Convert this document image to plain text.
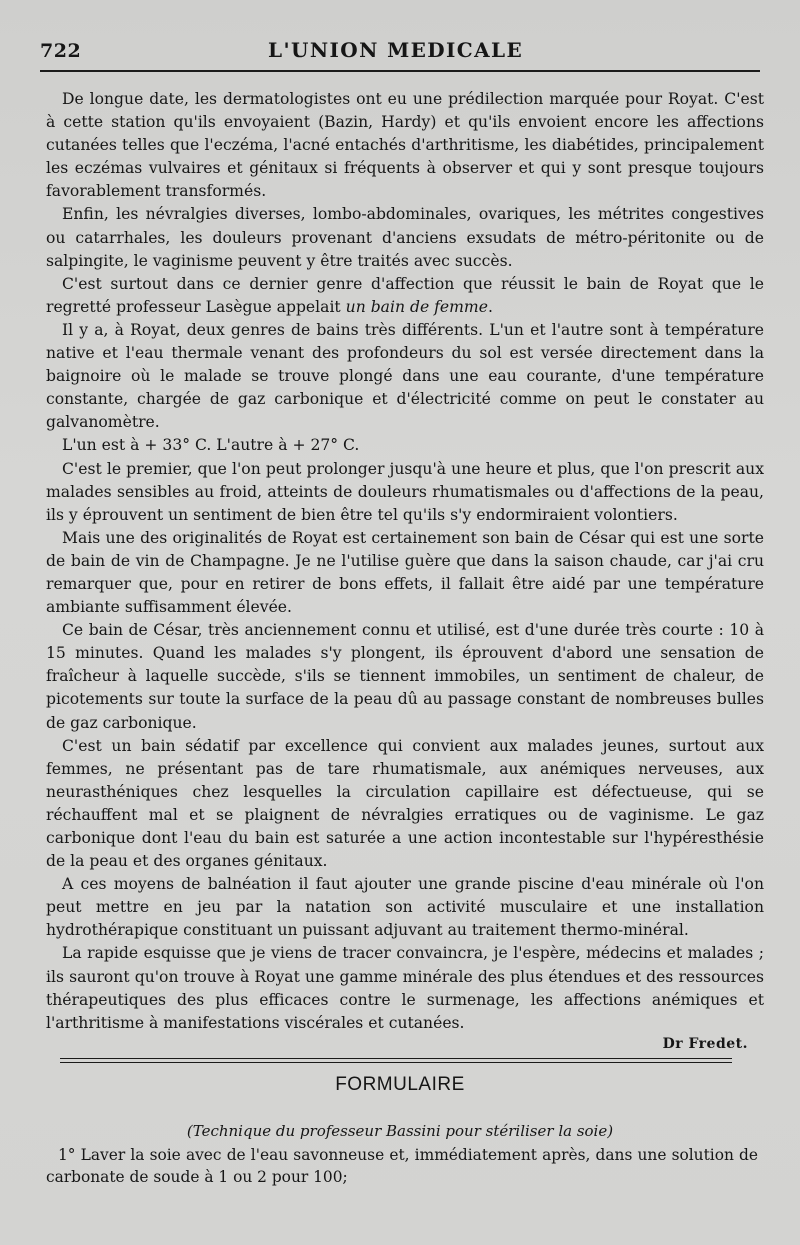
722	L'UNION MEDICALE

De longue date, les dermatologistes ont eu une prédilection marquée pour Royat. C'est à cette station qu'ils envoyaient (Bazin, Hardy) et qu'ils envoient encore les affections cutanées telles que l'eczéma, l'acné entachés d'arthritisme, les diabétides, principalement les eczémas vulvaires et génitaux si fréquents à observer et qui y sont presque toujours favorablement transformés.

Enfin, les névralgies diverses, lombo-abdominales, ovariques, les métrites congestives ou catarrhales, les douleurs provenant d'anciens exsudats de métro-péritonite ou de salpingite, le vaginisme peuvent y être traités avec succès.

C'est surtout dans ce dernier genre d'affection que réussit le bain de Royat que le regretté professeur Lasègue appelait un bain de femme.

Il y a, à Royat, deux genres de bains très différents. L'un et l'autre sont à température native et l'eau thermale venant des profondeurs du sol est versée directement dans la baignoire où le malade se trouve plongé dans une eau courante, d'une température constante, chargée de gaz carbonique et d'électricité comme on peut le constater au galvanomètre.

L'un est à + 33° C. L'autre à + 27° C.

C'est le premier, que l'on peut prolonger jusqu'à une heure et plus, que l'on prescrit aux malades sensibles au froid, atteints de douleurs rhumatismales ou d'affections de la peau, ils y éprouvent un sentiment de bien être tel qu'ils s'y endormiraient volontiers.

Mais une des originalités de Royat est certainement son bain de César qui est une sorte de bain de vin de Champagne. Je ne l'utilise guère que dans la saison chaude, car j'ai cru remarquer que, pour en retirer de bons effets, il fallait être aidé par une température ambiante suffisamment élevée.

Ce bain de César, très anciennement connu et utilisé, est d'une durée très courte : 10 à 15 minutes. Quand les malades s'y plongent, ils éprouvent d'abord une sensation de fraîcheur à laquelle succède, s'ils se tiennent immobiles, un sentiment de chaleur, de picotements sur toute la surface de la peau dû au passage constant de nombreuses bulles de gaz carbonique.

C'est un bain sédatif par excellence qui convient aux malades jeunes, surtout aux femmes, ne présentant pas de tare rhumatismale, aux anémiques nerveuses, aux neurasthéniques chez lesquelles la circulation capillaire est défectueuse, qui se réchauffent mal et se plaignent de névralgies erratiques ou de vaginisme. Le gaz carbonique dont l'eau du bain est saturée a une action incontestable sur l'hypéresthésie de la peau et des organes génitaux.

A ces moyens de balnéation il faut ajouter une grande piscine d'eau minérale où l'on peut mettre en jeu par la natation son activité musculaire et une installation hydrothérapique constituant un puissant adjuvant au traitement thermo-minéral.

La rapide esquisse que je viens de tracer convaincra, je l'espère, médecins et malades ; ils sauront qu'on trouve à Royat une gamme minérale des plus étendues et des ressources thérapeutiques des plus efficaces contre le surmenage, les affections anémiques et l'arthritisme à manifestations viscérales et cutanées.

Dr Fredet.
FORMULAIRE
(Technique du professeur Bassini pour stériliser la soie)

1° Laver la soie avec de l'eau savonneuse et, immédiatement après, dans une solution de carbonate de soude à 1 ou 2 pour 100;
